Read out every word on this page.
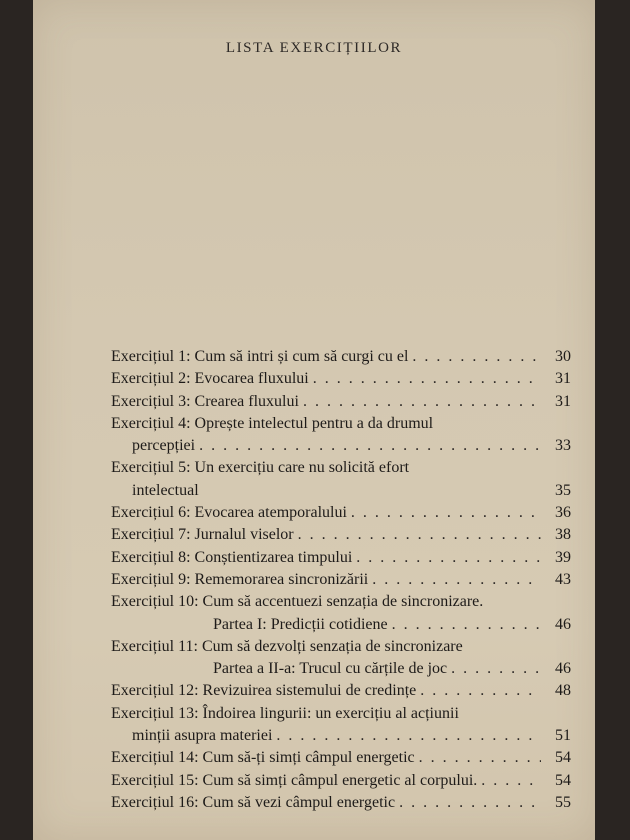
LISTA EXERCIȚIILOR
Exercițiul 1: Cum să intri și cum să curgi cu el . . .	30
Exercițiul 2: Evocarea fluxului . . .	31
Exercițiul 3: Crearea fluxului . . .	31
Exercițiul 4: Oprește intelectul pentru a da drumul
percepției . . .	33
Exercițiul 5: Un exercițiu care nu solicită efort
intelectual	35
Exercițiul 6: Evocarea atemporalului . . .	36
Exercițiul 7: Jurnalul viselor . . .	38
Exercițiul 8: Conștientizarea timpului . . .	39
Exercițiul 9: Rememorarea sincronizării . . .	43
Exercițiul 10: Cum să accentuezi senzația de sincronizare.
Partea I: Predicții cotidiene . . .	46
Exercițiul 11: Cum să dezvolți senzația de sincronizare
Partea a II-a: Trucul cu cărțile de joc . . .	46
Exercițiul 12: Revizuirea sistemului de credințe . . .	48
Exercițiul 13: Îndoirea lingurii: un exercițiu al acțiunii
minții asupra materiei . . .	51
Exercițiul 14: Cum să-ți simți câmpul energetic . . .	54
Exercițiul 15: Cum să simți câmpul energetic al corpului. . . .	54
Exercițiul 16: Cum să vezi câmpul energetic . . .	55
